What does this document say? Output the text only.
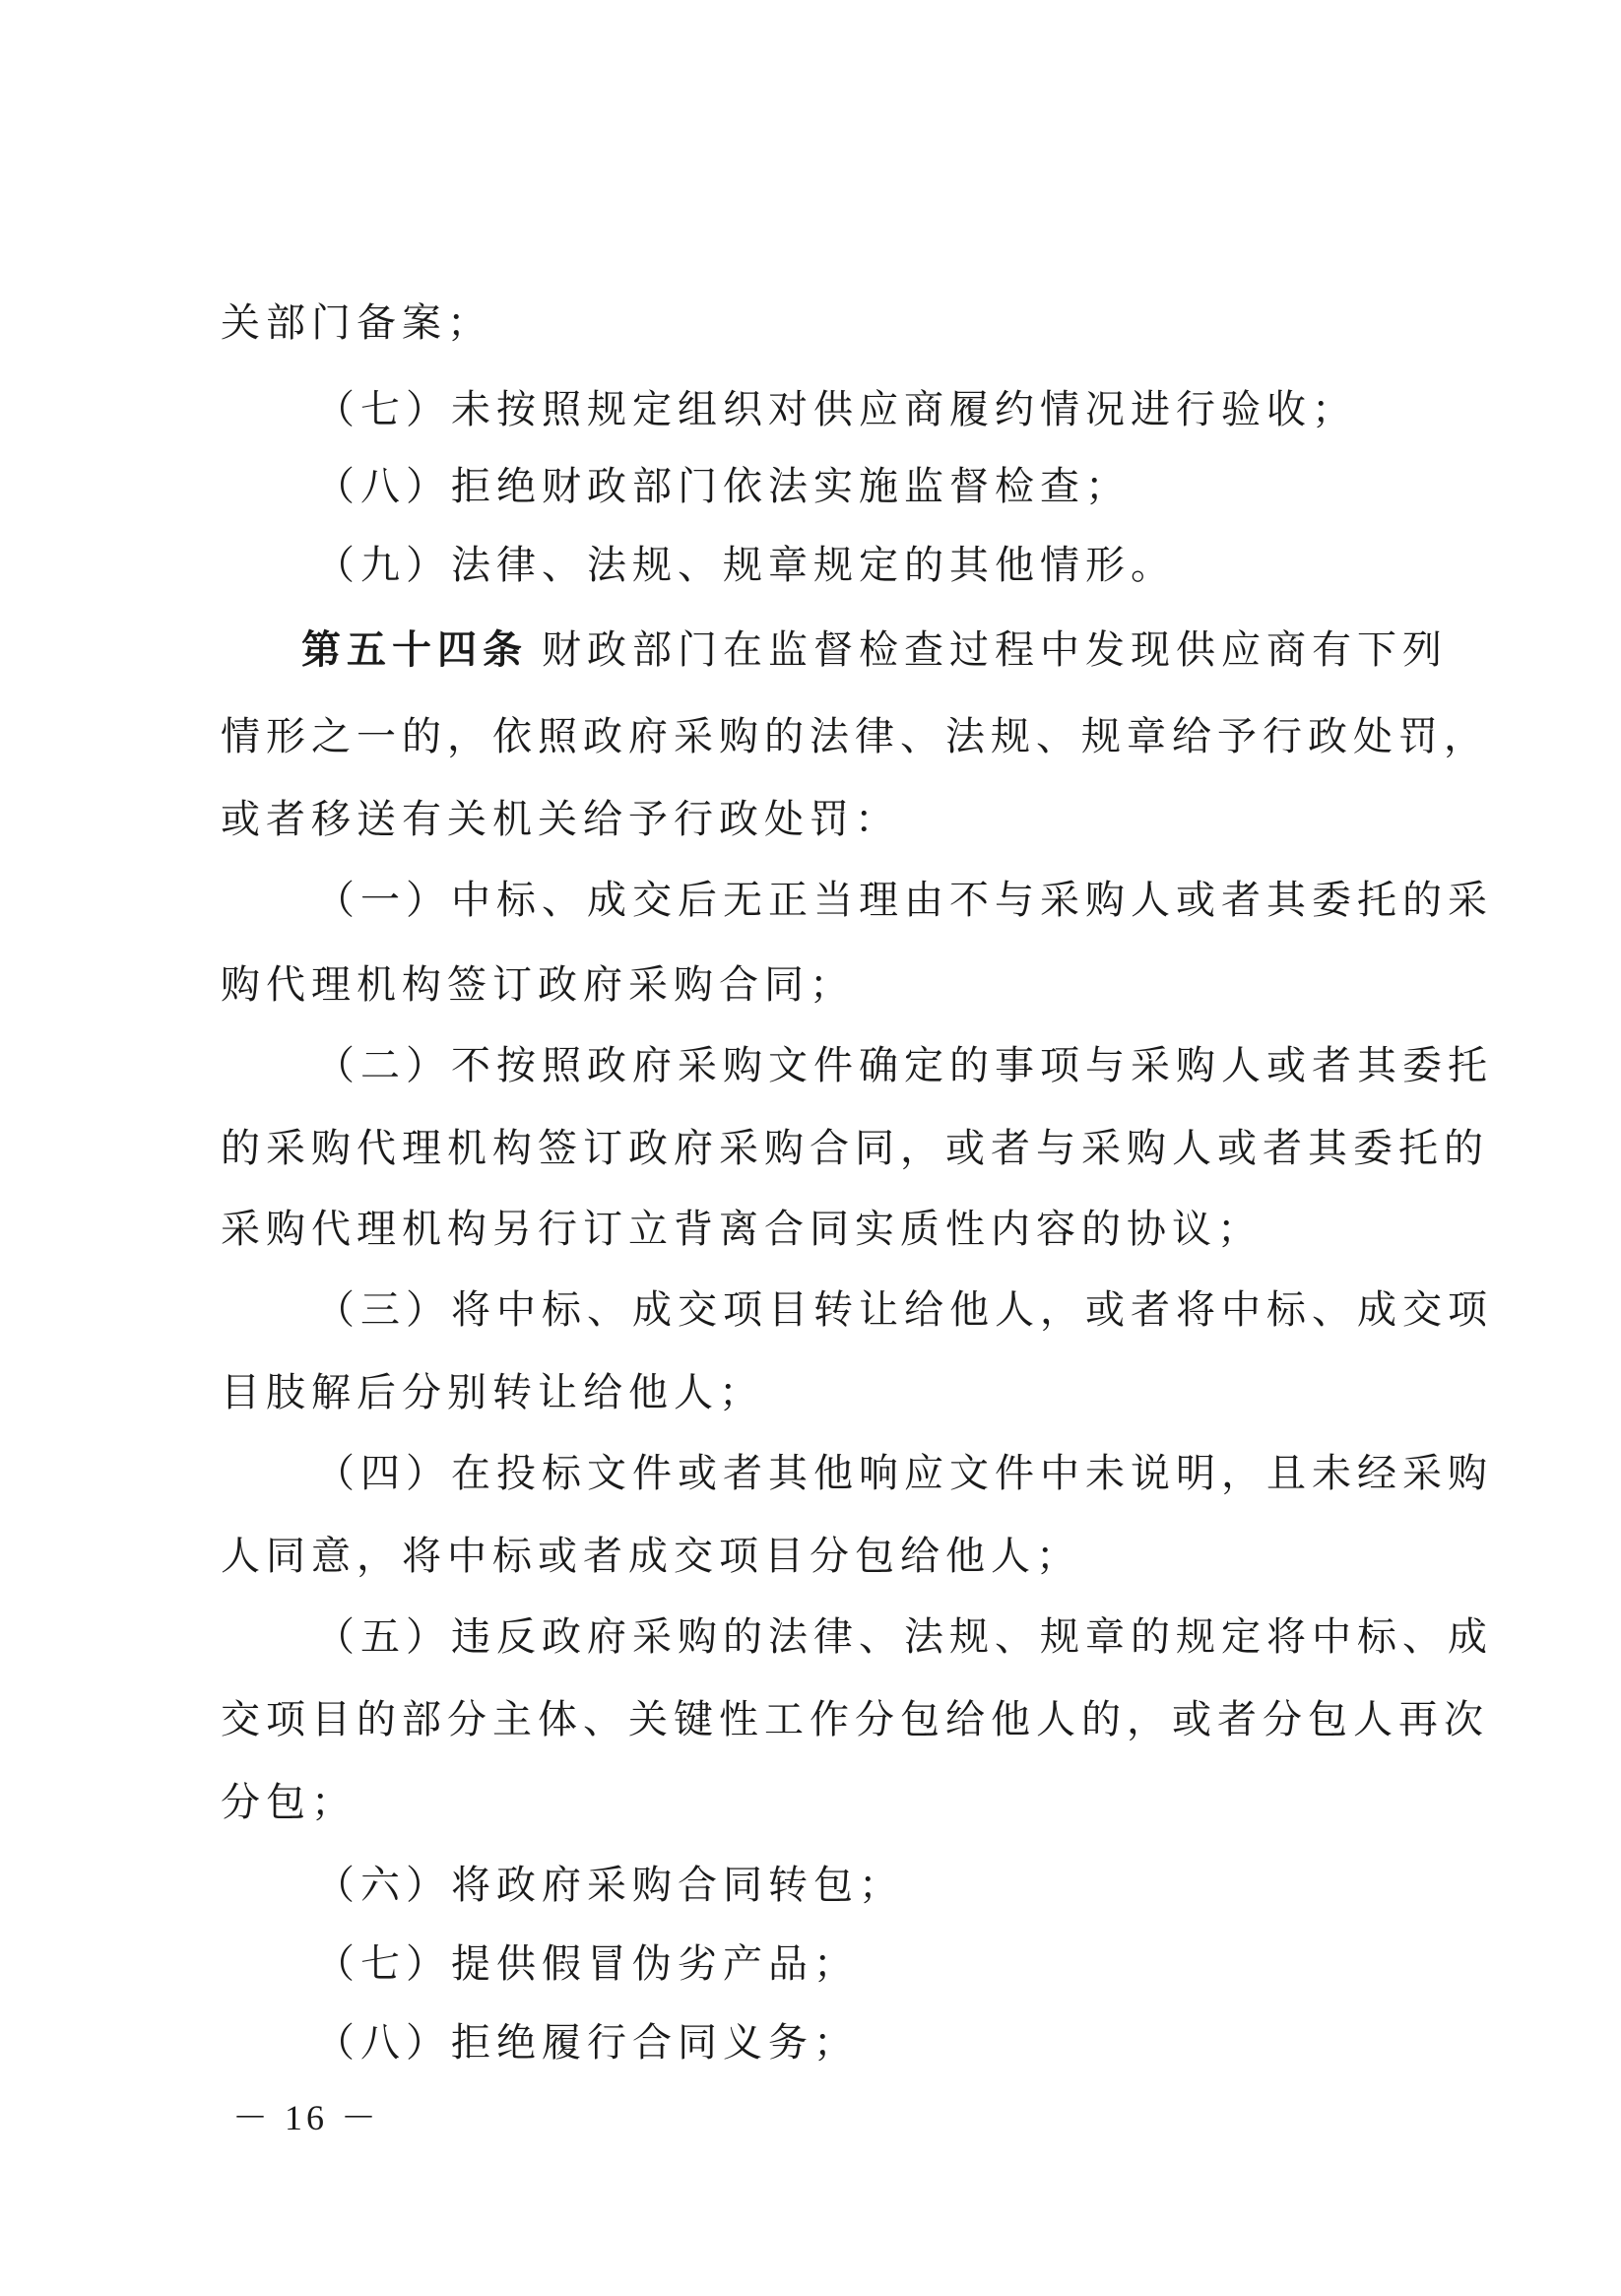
关部门备案；
（七）未按照规定组织对供应商履约情况进行验收；
（八）拒绝财政部门依法实施监督检查；
（九）法律、法规、规章规定的其他情形。
第五十四条 财政部门在监督检查过程中发现供应商有下列
情形之一的，依照政府采购的法律、法规、规章给予行政处罚，
或者移送有关机关给予行政处罚：
（一）中标、成交后无正当理由不与采购人或者其委托的采
购代理机构签订政府采购合同；
（二）不按照政府采购文件确定的事项与采购人或者其委托
的采购代理机构签订政府采购合同，或者与采购人或者其委托的
采购代理机构另行订立背离合同实质性内容的协议；
（三）将中标、成交项目转让给他人，或者将中标、成交项
目肢解后分别转让给他人；
（四）在投标文件或者其他响应文件中未说明，且未经采购
人同意，将中标或者成交项目分包给他人；
（五）违反政府采购的法律、法规、规章的规定将中标、成
交项目的部分主体、关键性工作分包给他人的，或者分包人再次
分包；
（六）将政府采购合同转包；
（七）提供假冒伪劣产品；
（八）拒绝履行合同义务；
－ 16 －
